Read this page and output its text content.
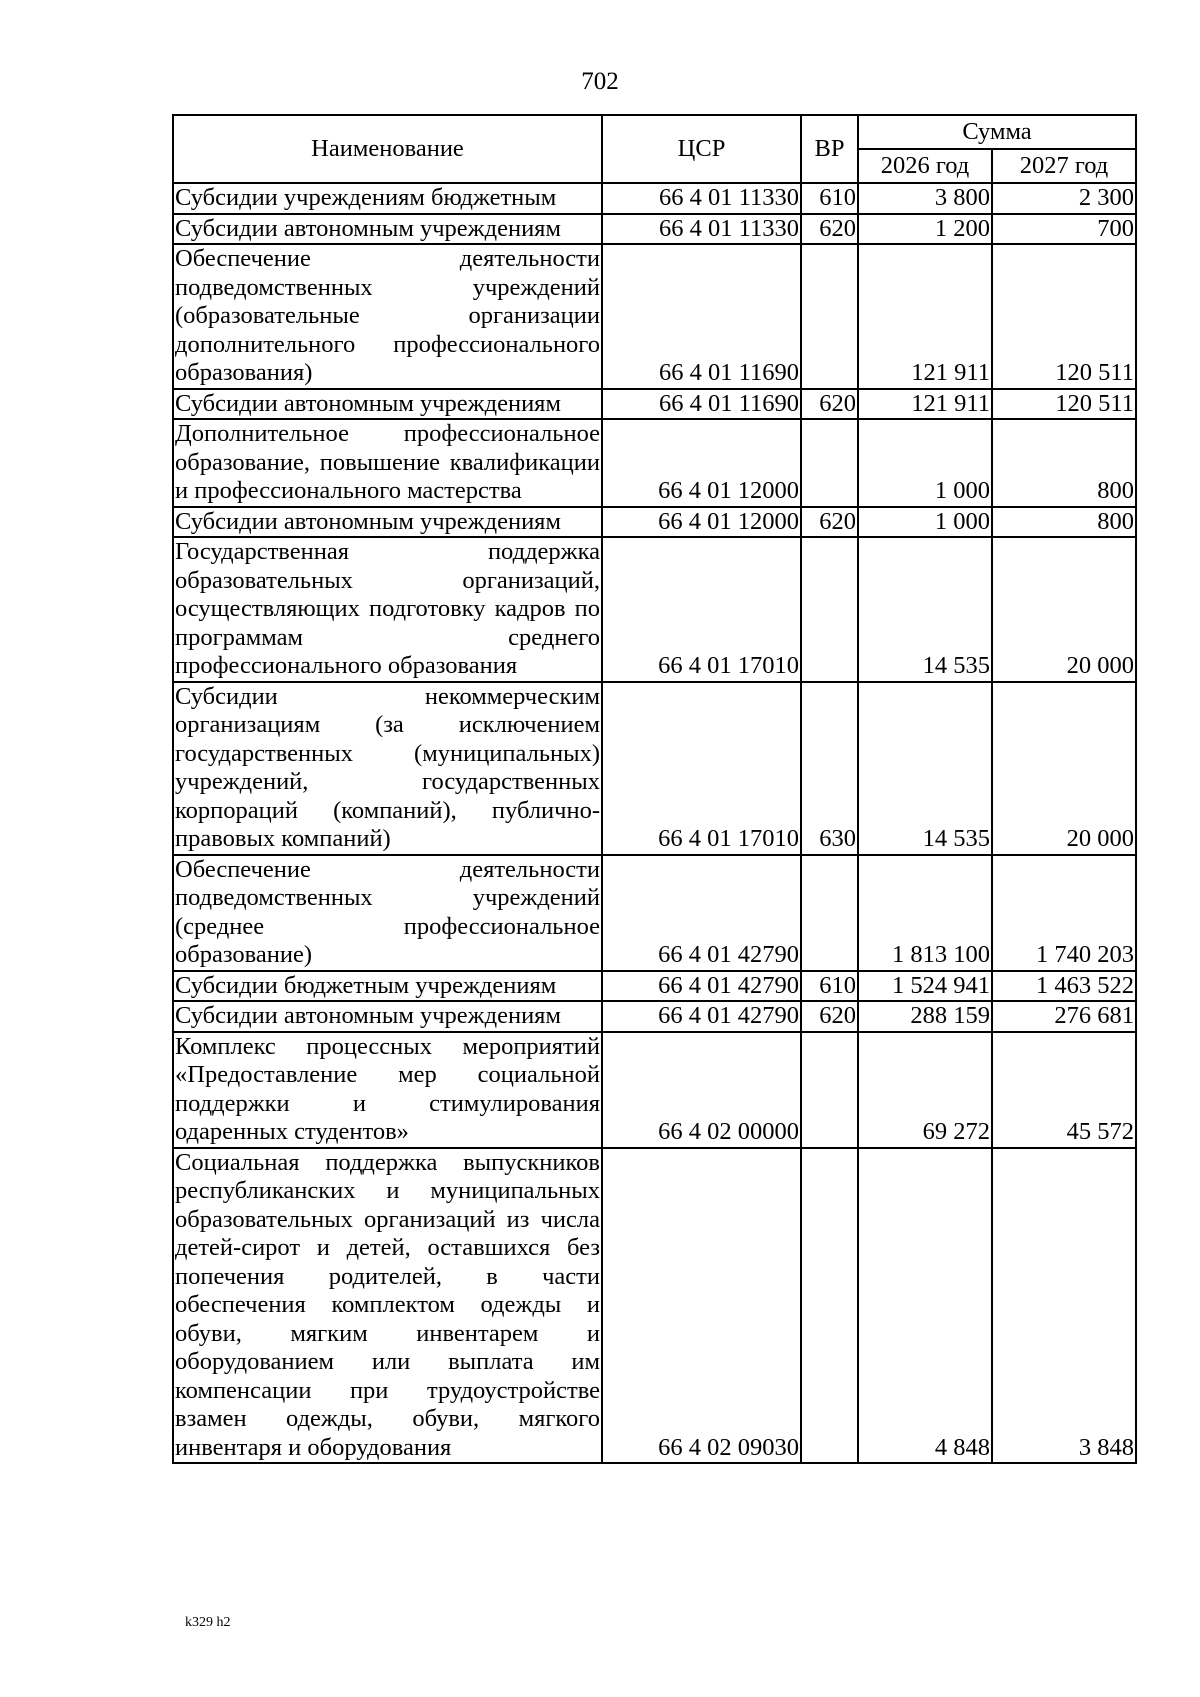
702
Наименование	ЦСР	ВР	Сумма	
			2026 год	2027 год
Субсидии учреждениям бюджетным	66 4 01 11330	610	3 800	2 300
Субсидии автономным учреждениям	66 4 01 11330	620	1 200	700
Обеспечение деятельности подведомственных учреждений (образовательные организации дополнительного профессионального образования)	66 4 01 11690		121 911	120 511
Субсидии автономным учреждениям	66 4 01 11690	620	121 911	120 511
Дополнительное профессиональное образование, повышение квалификации и профессионального мастерства	66 4 01 12000		1 000	800
Субсидии автономным учреждениям	66 4 01 12000	620	1 000	800
Государственная поддержка образовательных организаций, осуществляющих подготовку кадров по программам среднего профессионального образования	66 4 01 17010		14 535	20 000
Субсидии некоммерческим организациям (за исключением государственных (муниципальных) учреждений, государственных корпораций (компаний), публично-правовых компаний)	66 4 01 17010	630	14 535	20 000
Обеспечение деятельности подведомственных учреждений (среднее профессиональное образование)	66 4 01 42790		1 813 100	1 740 203
Субсидии бюджетным учреждениям	66 4 01 42790	610	1 524 941	1 463 522
Субсидии автономным учреждениям	66 4 01 42790	620	288 159	276 681
Комплекс процессных мероприятий «Предоставление мер социальной поддержки и стимулирования одаренных студентов»	66 4 02 00000		69 272	45 572
Социальная поддержка выпускников республиканских и муниципальных образовательных организаций из числа детей-сирот и детей, оставшихся без попечения родителей, в части обеспечения комплектом одежды и обуви, мягким инвентарем и оборудованием или выплата им компенсации при трудоустройстве взамен одежды, обуви, мягкого инвентаря и оборудования	66 4 02 09030		4 848	3 848
k329 h2
